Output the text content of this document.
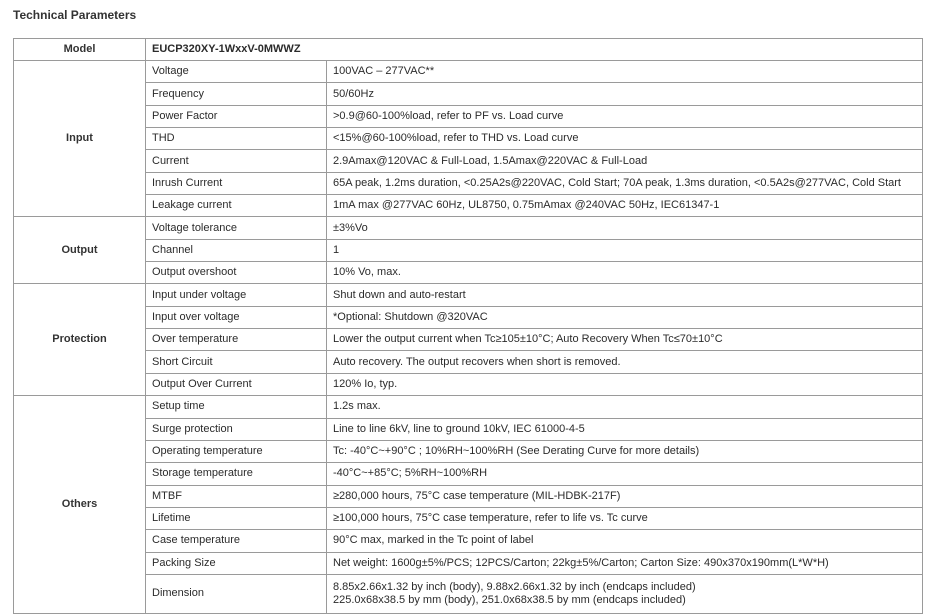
Technical Parameters
Model	EUCP320XY-1WxxV-0MWWZ	
Input	Voltage	100VAC – 277VAC**
	Frequency	50/60Hz
	Power Factor	>0.9@60-100%load, refer to PF vs. Load curve
	THD	<15%@60-100%load, refer to THD vs. Load curve
	Current	2.9Amax@120VAC & Full-Load, 1.5Amax@220VAC & Full-Load
	Inrush Current	65A peak, 1.2ms duration, <0.25A2s@220VAC, Cold Start; 70A peak, 1.3ms duration, <0.5A2s@277VAC, Cold Start
	Leakage current	1mA max @277VAC 60Hz, UL8750, 0.75mAmax @240VAC 50Hz, IEC61347-1
Output	Voltage tolerance	±3%Vo
	Channel	1
	Output overshoot	10% Vo, max.
Protection	Input under voltage	Shut down and auto-restart
	Input over voltage	*Optional: Shutdown @320VAC
	Over temperature	Lower the output current when Tc≥105±10°C; Auto Recovery When Tc≤70±10°C
	Short Circuit	Auto recovery. The output recovers when short is removed.
	Output Over Current	120% Io, typ.
Others	Setup time	1.2s max.
	Surge protection	Line to line 6kV, line to ground 10kV, IEC 61000-4-5
	Operating temperature	Tc: -40°C~+90°C ; 10%RH~100%RH (See Derating Curve for more details)
	Storage temperature	-40°C~+85°C; 5%RH~100%RH
	MTBF	≥280,000 hours, 75°C case temperature (MIL-HDBK-217F)
	Lifetime	≥100,000 hours, 75°C case temperature, refer to life vs. Tc curve
	Case temperature	90°C max, marked in the Tc point of label
	Packing Size	Net weight: 1600g±5%/PCS; 12PCS/Carton; 22kg±5%/Carton; Carton Size: 490x370x190mm(L*W*H)
	Dimension	8.85x2.66x1.32 by inch (body), 9.88x2.66x1.32 by inch (endcaps included)
225.0x68x38.5 by mm (body), 251.0x68x38.5 by mm (endcaps included)
